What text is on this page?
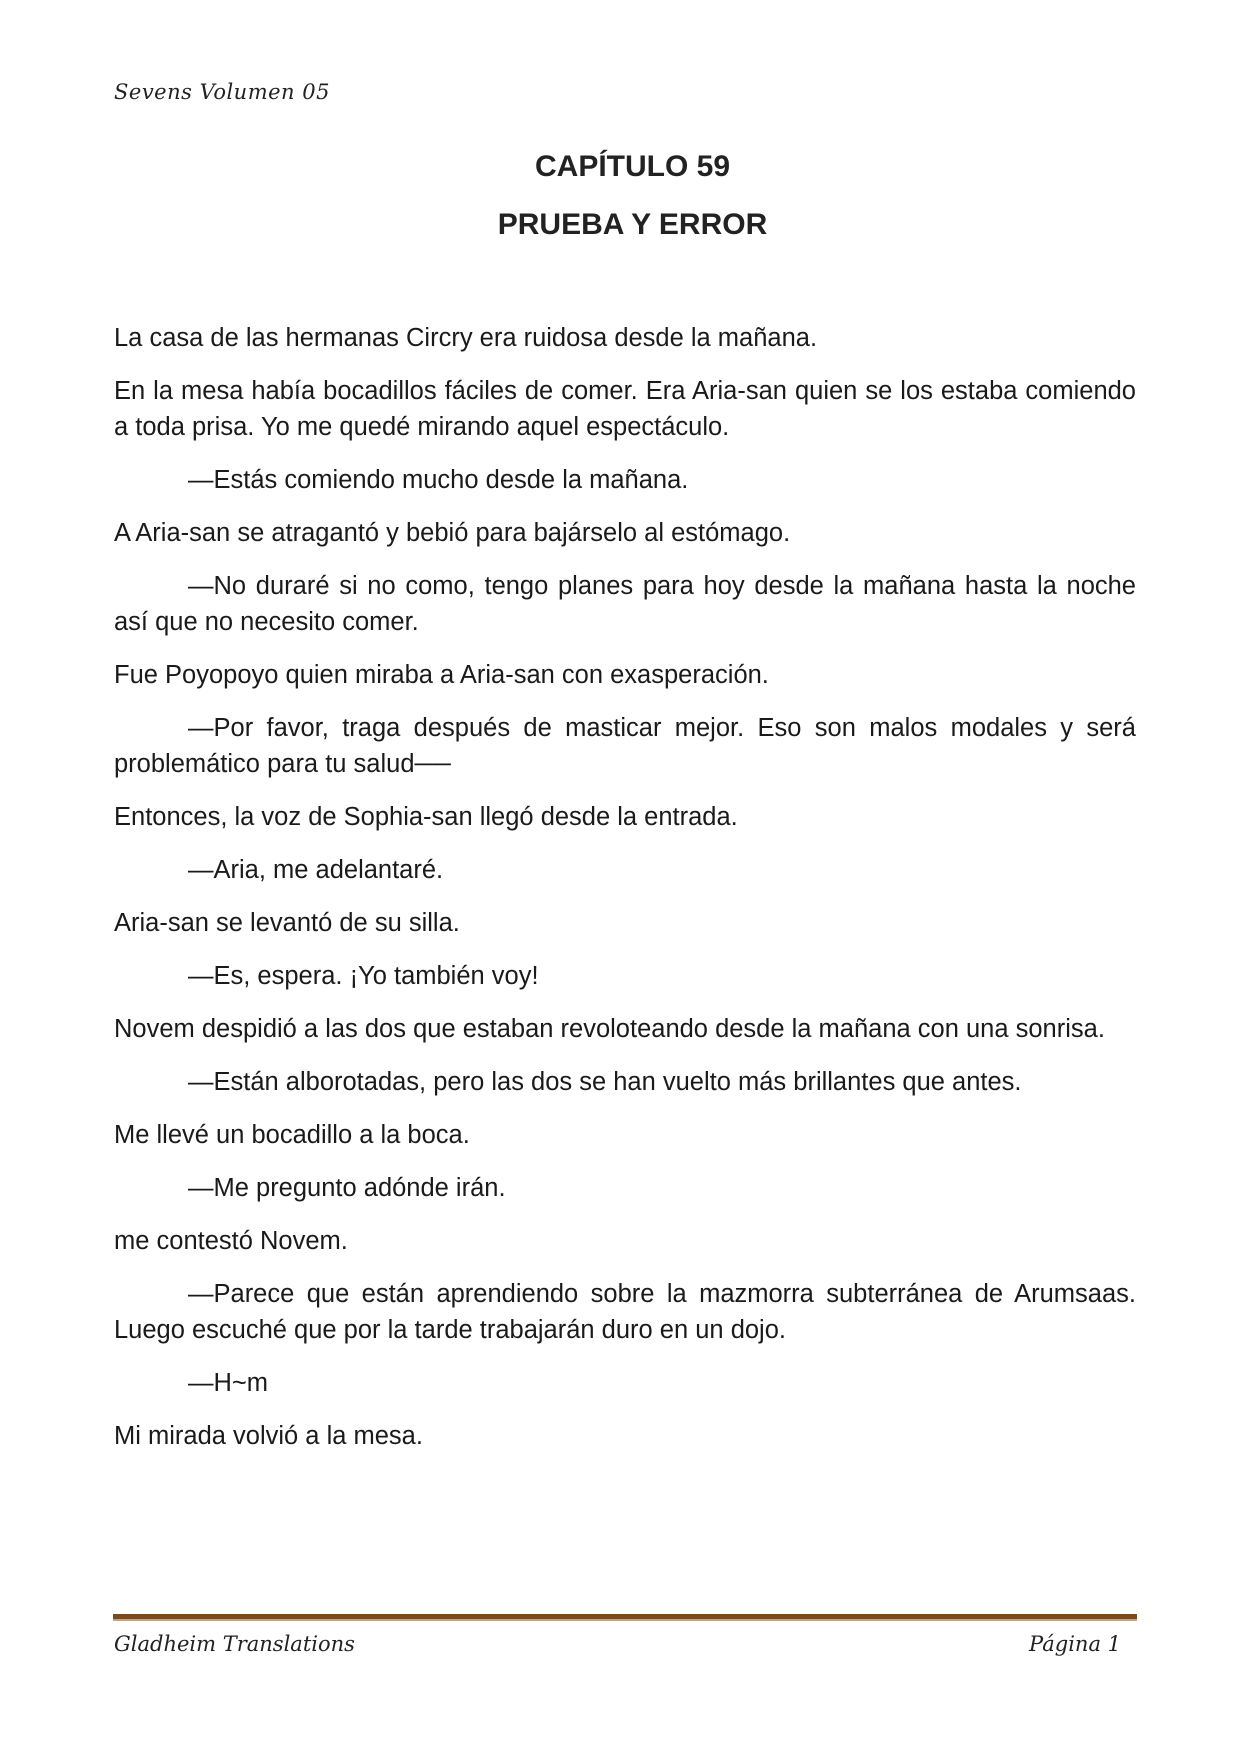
Sevens Volumen 05
CAPÍTULO 59
PRUEBA Y ERROR

La casa de las hermanas Circry era ruidosa desde la mañana.

En la mesa había bocadillos fáciles de comer. Era Aria-san quien se los estaba comiendo a toda prisa. Yo me quedé mirando aquel espectáculo.

—Estás comiendo mucho desde la mañana.

A Aria-san se atragantó y bebió para bajárselo al estómago.

—No duraré si no como, tengo planes para hoy desde la mañana hasta la noche así que no necesito comer.

Fue Poyopoyo quien miraba a Aria-san con exasperación.

—Por favor, traga después de masticar mejor. Eso son malos modales y será problemático para tu salud──

Entonces, la voz de Sophia-san llegó desde la entrada.

—Aria, me adelantaré.

Aria-san se levantó de su silla.

—Es, espera. ¡Yo también voy!

Novem despidió a las dos que estaban revoloteando desde la mañana con una sonrisa.

—Están alborotadas, pero las dos se han vuelto más brillantes que antes.

Me llevé un bocadillo a la boca.

—Me pregunto adónde irán.

me contestó Novem.

—Parece que están aprendiendo sobre la mazmorra subterránea de Arumsaas. Luego escuché que por la tarde trabajarán duro en un dojo.

—H~m

Mi mirada volvió a la mesa.

Gladheim Translations	Página 1
